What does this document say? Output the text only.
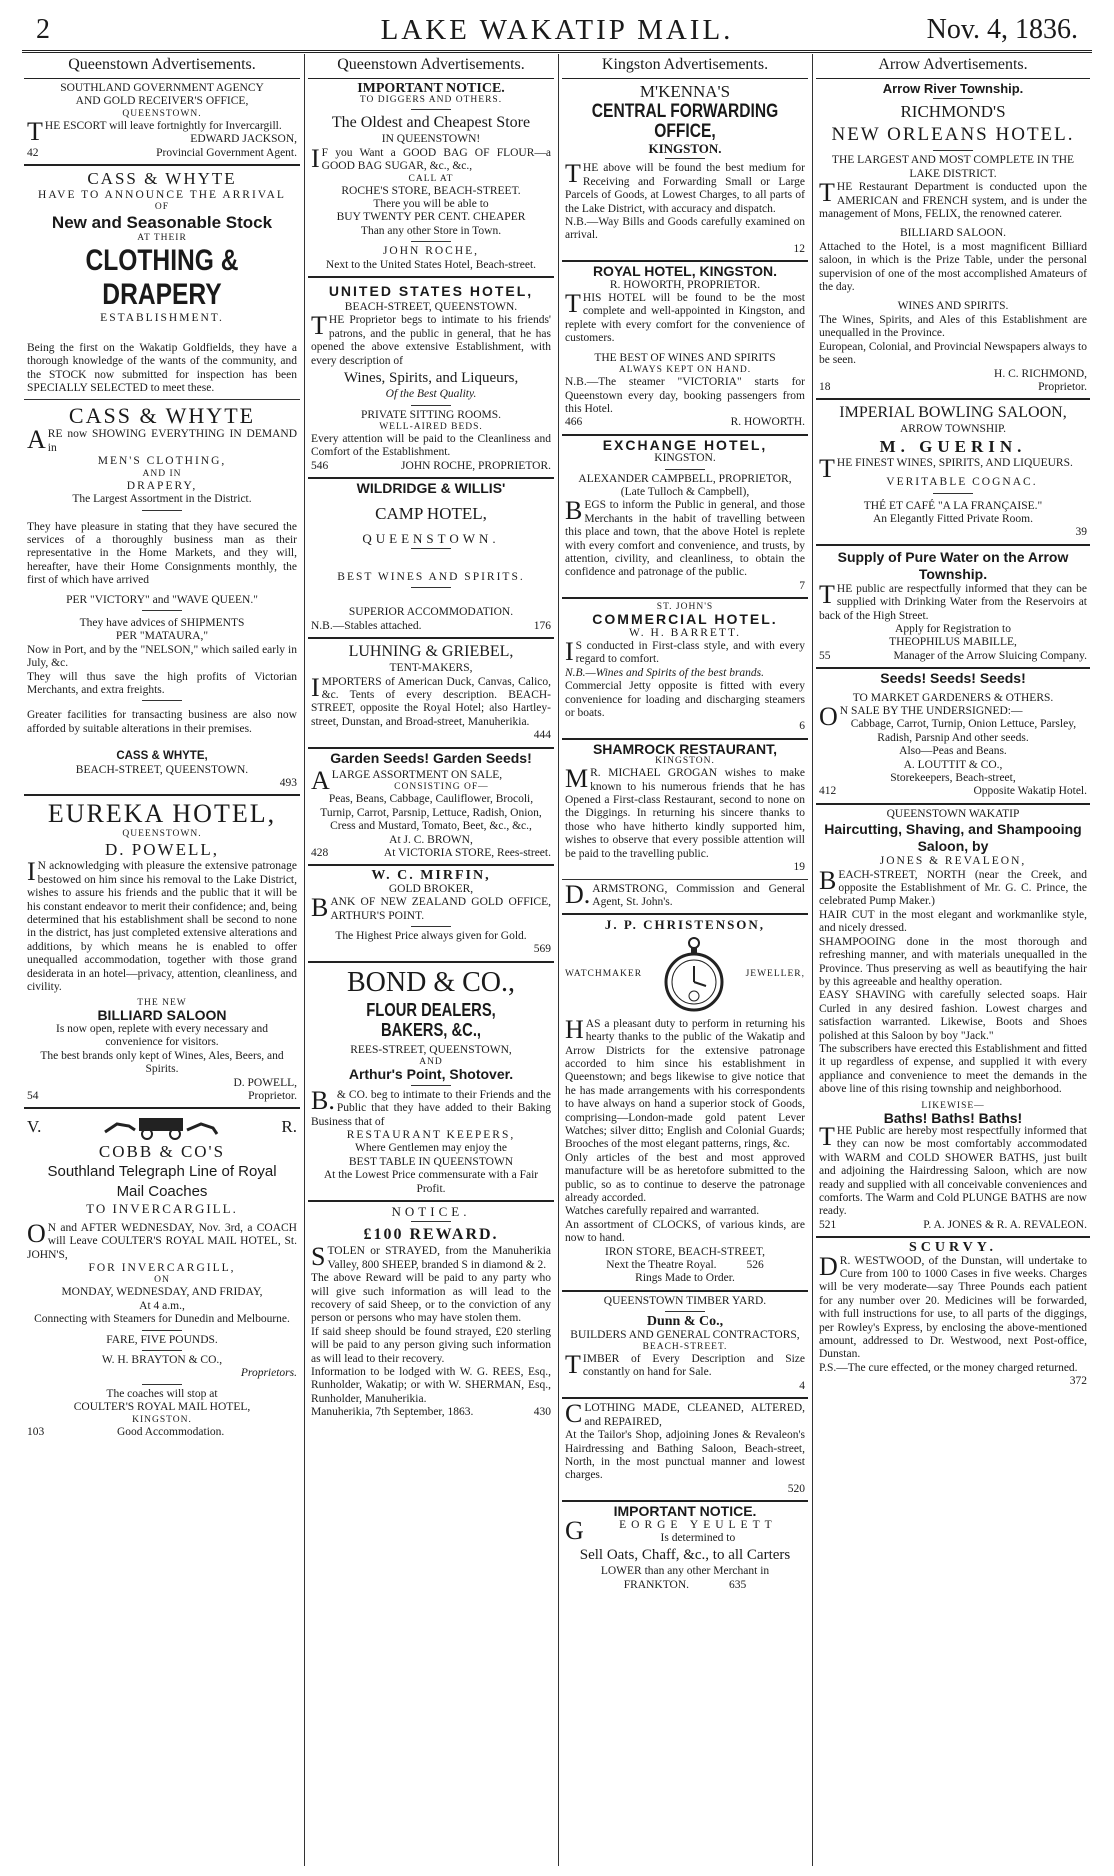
2	LAKE WAKATIP MAIL.	Nov. 4, 1836.
Queenstown Advertisements.
SOUTHLAND GOVERNMENT AGENCY
AND GOLD RECEIVER'S OFFICE,
QUEENSTOWN.
THE ESCORT will leave fortnightly for Invercargill.
EDWARD JACKSON,
42	Provincial Government Agent.
CASS & WHYTE
HAVE TO ANNOUNCE THE ARRIVAL
OF
New and Seasonable Stock
AT THEIR
CLOTHING & DRAPERY
ESTABLISHMENT.
Being the first on the Wakatip Goldfields, they have a thorough knowledge of the wants of the community, and the STOCK now submitted for inspection has been SPECIALLY SELECTED to meet these.
CASS & WHYTE
ARE now SHOWING EVERYTHING IN DEMAND in
MEN'S CLOTHING,
AND IN
DRAPERY,
The Largest Assortment in the District.
They have pleasure in stating that they have secured the services of a thoroughly business man as their representative in the Home Markets, and they will, hereafter, have their Home Consignments monthly, the first of which have arrived
PER "VICTORY" and "WAVE QUEEN."
They have advices of SHIPMENTS
PER "MATAURA,"
Now in Port, and by the "NELSON," which sailed early in July, &c.
They will thus save the high profits of Victorian Merchants, and extra freights.
Greater facilities for transacting business are also now afforded by suitable alterations in their premises.
CASS & WHYTE,
BEACH-STREET, QUEENSTOWN.
493
EUREKA HOTEL,
QUEENSTOWN.
D. POWELL,
IN acknowledging with pleasure the extensive patronage bestowed on him since his removal to the Lake District, wishes to assure his friends and the public that it will be his constant endeavor to merit their confidence; and, being determined that his establishment shall be second to none in the district, has just completed extensive alterations and additions, by which means he is enabled to offer unequalled accommodation, together with those grand desiderata in an hotel—privacy, attention, cleanliness, and civility.
THE NEW
BILLIARD SALOON
Is now open, replete with every necessary and convenience for visitors.
The best brands only kept of Wines, Ales, Beers, and Spirits.
D. POWELL,
54	Proprietor.
V.	R.
COBB & CO'S
Southland Telegraph Line of Royal
Mail Coaches
TO INVERCARGILL.
ON and AFTER WEDNESDAY, Nov. 3rd, a COACH will Leave COULTER'S ROYAL MAIL HOTEL, St. JOHN'S,
FOR INVERCARGILL,
ON
MONDAY, WEDNESDAY, AND FRIDAY,
At 4 a.m.,
Connecting with Steamers for Dunedin and Melbourne.
FARE, FIVE POUNDS.
W. H. BRAYTON & CO.,
Proprietors.
The coaches will stop at
COULTER'S ROYAL MAIL HOTEL,
KINGSTON.
103	Good Accommodation.
Queenstown Advertisements.
IMPORTANT NOTICE.
TO DIGGERS AND OTHERS.
The Oldest and Cheapest Store
IN QUEENSTOWN!
IF you Want a GOOD BAG OF FLOUR—a GOOD BAG SUGAR, &c., &c.,
CALL AT
ROCHE'S STORE, BEACH-STREET.
There you will be able to
BUY TWENTY PER CENT. CHEAPER
Than any other Store in Town.
JOHN ROCHE,
Next to the United States Hotel, Beach-street.
UNITED STATES HOTEL,
BEACH-STREET, QUEENSTOWN.
THE Proprietor begs to intimate to his friends' patrons, and the public in general, that he has opened the above extensive Establishment, with every description of
Wines, Spirits, and Liqueurs,
Of the Best Quality.
PRIVATE SITTING ROOMS.
WELL-AIRED BEDS.
Every attention will be paid to the Cleanliness and Comfort of the Establishment.
546	JOHN ROCHE, PROPRIETOR.
WILDRIDGE & WILLIS'
CAMP HOTEL,
QUEENSTOWN.
BEST WINES AND SPIRITS.
SUPERIOR ACCOMMODATION.
N.B.—Stables attached.	176
LUHNING & GRIEBEL,
TENT-MAKERS,
IMPORTERS of American Duck, Canvas, Calico, &c. Tents of every description. BEACH-STREET, opposite the Royal Hotel; also Hartley-street, Dunstan, and Broad-street, Manuherikia.
444
Garden Seeds! Garden Seeds!
ALARGE ASSORTMENT ON SALE,
CONSISTING OF—
Peas, Beans, Cabbage, Cauliflower, Brocoli, Turnip, Carrot, Parsnip, Lettuce, Radish, Onion, Cress and Mustard, Tomato, Beet, &c., &c.,
At J. C. BROWN,
428	At VICTORIA STORE, Rees-street.
W. C. MIRFIN,
GOLD BROKER,
BANK OF NEW ZEALAND GOLD OFFICE, ARTHUR'S POINT.
The Highest Price always given for Gold.
569
BOND & CO.,
FLOUR DEALERS, BAKERS, &C.,
REES-STREET, QUEENSTOWN,
AND
Arthur's Point, Shotover.
B.& CO. beg to intimate to their Friends and the Public that they have added to their Baking Business that of
RESTAURANT KEEPERS,
Where Gentlemen may enjoy the
BEST TABLE IN QUEENSTOWN
At the Lowest Price commensurate with a Fair Profit.
NOTICE.
£100 REWARD.
STOLEN or STRAYED, from the Manuherikia Valley, 800 SHEEP, branded S in diamond & 2.
The above Reward will be paid to any party who will give such information as will lead to the recovery of said Sheep, or to the conviction of any person or persons who may have stolen them.
If said sheep should be found strayed, £20 sterling will be paid to any person giving such information as will lead to their recovery.
Information to be lodged with W. G. REES, Esq., Runholder, Wakatip; or with W. SHERMAN, Esq., Runholder, Manuherikia.
Manuherikia, 7th September, 1863.	430
Kingston Advertisements.
M'KENNA'S
CENTRAL FORWARDING OFFICE,
KINGSTON.
THE above will be found the best medium for Receiving and Forwarding Small or Large Parcels of Goods, at Lowest Charges, to all parts of the Lake District, with accuracy and dispatch.
N.B.—Way Bills and Goods carefully examined on arrival.
12
ROYAL HOTEL, KINGSTON.
R. HOWORTH, PROPRIETOR.
THIS HOTEL will be found to be the most complete and well-appointed in Kingston, and replete with every comfort for the convenience of customers.
THE BEST OF WINES AND SPIRITS
ALWAYS KEPT ON HAND.
N.B.—The steamer "VICTORIA" starts for Queenstown every day, booking passengers from this Hotel.
466	R. HOWORTH.
EXCHANGE HOTEL,
KINGSTON.
ALEXANDER CAMPBELL, PROPRIETOR,
(Late Tulloch & Campbell),
BEGS to inform the Public in general, and those Merchants in the habit of travelling between this place and town, that the above Hotel is replete with every comfort and convenience, and trusts, by attention, civility, and cleanliness, to obtain the confidence and patronage of the public.
7
ST. JOHN'S
COMMERCIAL HOTEL.
W. H. BARRETT.
IS conducted in First-class style, and with every regard to comfort.
N.B.—Wines and Spirits of the best brands.
Commercial Jetty opposite is fitted with every convenience for loading and discharging steamers or boats.
6
SHAMROCK RESTAURANT,
KINGSTON.
MR. MICHAEL GROGAN wishes to make known to his numerous friends that he has Opened a First-class Restaurant, second to none on the Diggings. In returning his sincere thanks to those who have hitherto kindly supported him, wishes to observe that every possible attention will be paid to the travelling public.
19
D.ARMSTRONG, Commission and General Agent, St. John's.
J. P. CHRISTENSON,
WATCHMAKER	JEWELLER,
HAS a pleasant duty to perform in returning his hearty thanks to the public of the Wakatip and Arrow Districts for the extensive patronage accorded to him since his establishment in Queenstown; and begs likewise to give notice that he has made arrangements with his correspondents to have always on hand a superior stock of Goods, comprising—London-made gold patent Lever Watches; silver ditto; English and Colonial Guards; Brooches of the most elegant patterns, rings, &c.
Only articles of the best and most approved manufacture will be as heretofore submitted to the public, so as to continue to deserve the patronage already accorded.
Watches carefully repaired and warranted.
An assortment of CLOCKS, of various kinds, are now to hand.
IRON STORE, BEACH-STREET,
Next the Theatre Royal.	526
Rings Made to Order.
QUEENSTOWN TIMBER YARD.
Dunn & Co.,
BUILDERS AND GENERAL CONTRACTORS,
BEACH-STREET.
TIMBER of Every Description and Size constantly on hand for Sale.
4
CLOTHING MADE, CLEANED, ALTERED, and REPAIRED,
At the Tailor's Shop, adjoining Jones & Revaleon's Hairdressing and Bathing Saloon, Beach-street, North, in the most punctual manner and lowest charges.
520
IMPORTANT NOTICE.
GEORGE YEULETT
Is determined to
Sell Oats, Chaff, &c., to all Carters
LOWER than any other Merchant in
FRANKTON.	635
Arrow Advertisements.
Arrow River Township.
RICHMOND'S
NEW ORLEANS HOTEL.
THE LARGEST AND MOST COMPLETE IN THE LAKE DISTRICT.
THE Restaurant Department is conducted upon the AMERICAN and FRENCH system, and is under the management of Mons, FELIX, the renowned caterer.
BILLIARD SALOON.
Attached to the Hotel, is a most magnificent Billiard saloon, in which is the Prize Table, under the personal supervision of one of the most accomplished Amateurs of the day.
WINES AND SPIRITS.
The Wines, Spirits, and Ales of this Establishment are unequalled in the Province.
European, Colonial, and Provincial Newspapers always to be seen.
H. C. RICHMOND,
18	Proprietor.
IMPERIAL BOWLING SALOON,
ARROW TOWNSHIP.
M. GUERIN.
THE FINEST WINES, SPIRITS, AND LIQUEURS.
VERITABLE COGNAC.
THÉ ET CAFÉ "A LA FRANÇAISE."
An Elegantly Fitted Private Room.
39
Supply of Pure Water on the Arrow Township.
THE public are respectfully informed that they can be supplied with Drinking Water from the Reservoirs at back of the High Street.
Apply for Registration to
THEOPHILUS MABILLE,
55	Manager of the Arrow Sluicing Company.
Seeds! Seeds! Seeds!
TO MARKET GARDENERS & OTHERS.
ON SALE BY THE UNDERSIGNED:—
Cabbage, Carrot, Turnip, Onion Lettuce, Parsley, Radish, Parsnip And other seeds.
Also—Peas and Beans.
A. LOUTTIT & CO.,
Storekeepers, Beach-street,
412	Opposite Wakatip Hotel.
QUEENSTOWN WAKATIP
Haircutting, Shaving, and Shampooing Saloon, by
JONES & REVALEON,
BEACH-STREET, NORTH (near the Creek, and opposite the Establishment of Mr. G. C. Prince, the celebrated Pump Maker.)
HAIR CUT in the most elegant and workmanlike style, and nicely dressed.
SHAMPOOING done in the most thorough and refreshing manner, and with materials unequalled in the Province. Thus preserving as well as beautifying the hair by this agreeable and healthy operation.
EASY SHAVING with carefully selected soaps. Hair Curled in any desired fashion. Lowest charges and satisfaction warranted. Likewise, Boots and Shoes polished at this Saloon by boy "Jack."
The subscribers have erected this Establishment and fitted it up regardless of expense, and supplied it with every appliance and convenience to meet the demands in the above line of this rising township and neighborhood.
LIKEWISE—
Baths! Baths! Baths!
THE Public are hereby most respectfully informed that they can now be most comfortably accommodated with WARM and COLD SHOWER BATHS, just built and adjoining the Hairdressing Saloon, which are now ready and supplied with all conceivable conveniences and comforts. The Warm and Cold PLUNGE BATHS are now ready.
521	P. A. JONES & R. A. REVALEON.
SCURVY.
DR. WESTWOOD, of the Dunstan, will undertake to Cure from 100 to 1000 Cases in five weeks. Charges will be very moderate—say Three Pounds each patient for any number over 20. Medicines will be forwarded, with full instructions for use, to all parts of the diggings, per Rowley's Express, by enclosing the above-mentioned amount, addressed to Dr. Westwood, next Post-office, Dunstan.
P.S.—The cure effected, or the money charged returned.
372
